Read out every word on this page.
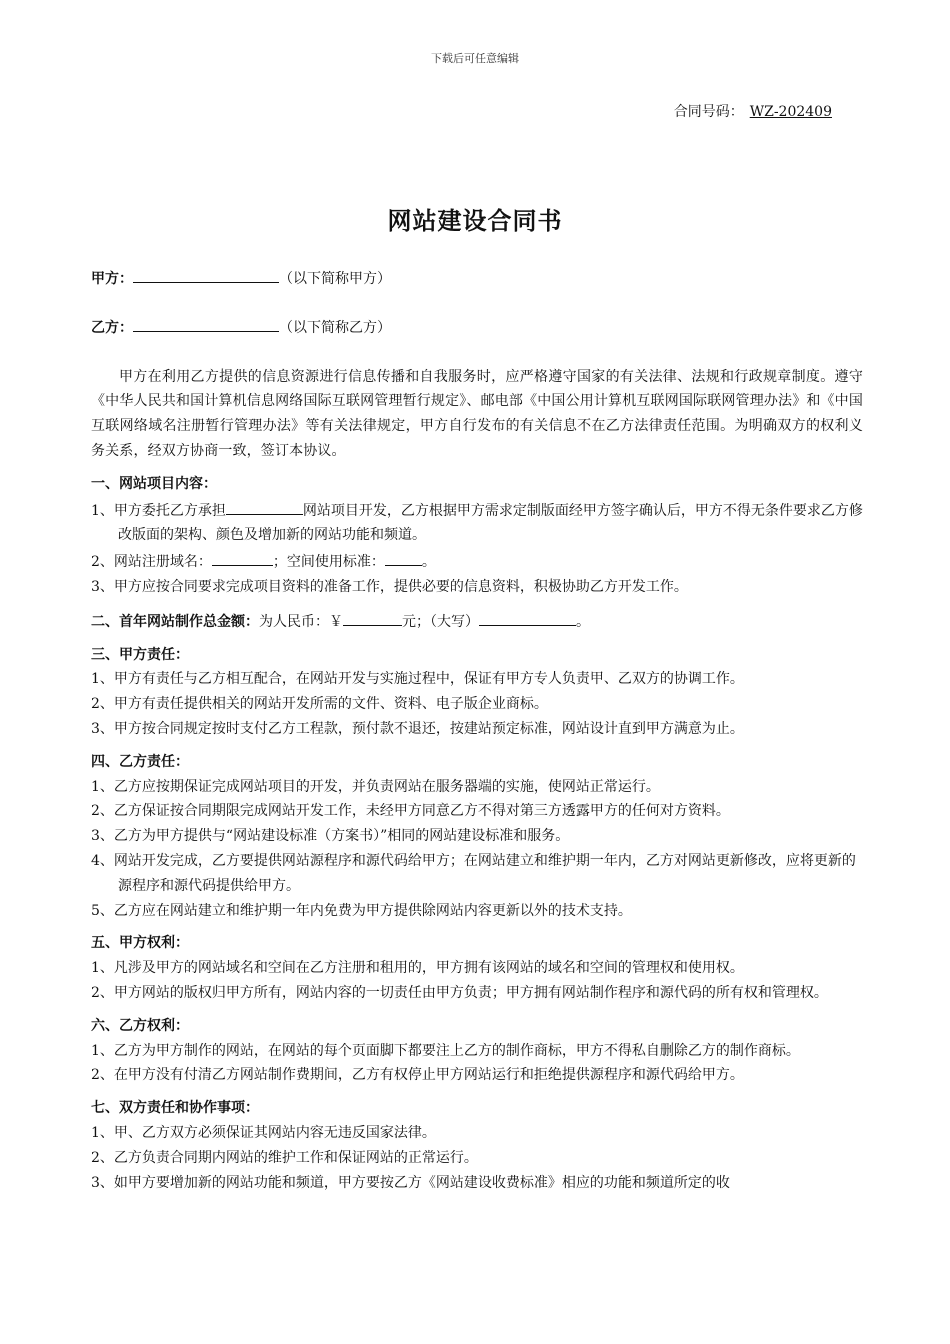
下载后可任意编辑
合同号码： WZ-202409
网站建设合同书

甲方：	（以下简称甲方）

乙方：	（以下简称乙方）

甲方在利用乙方提供的信息资源进行信息传播和自我服务时，应严格遵守国家的有关法律、法规和行政规章制度。遵守《中华人民共和国计算机信息网络国际互联网管理暂行规定》、邮电部《中国公用计算机互联网国际联网管理办法》和《中国互联网络域名注册暂行管理办法》等有关法律规定，甲方自行发布的有关信息不在乙方法律责任范围。为明确双方的权利义务关系，经双方协商一致，签订本协议。

一、网站项目内容：

1、甲方委托乙方承担	网站项目开发，乙方根据甲方需求定制版面经甲方签字确认后，甲方不得无条件要求乙方修改版面的架构、颜色及增加新的网站功能和频道。

2、网站注册域名：	；空间使用标准：	。

3、甲方应按合同要求完成项目资料的准备工作，提供必要的信息资料，积极协助乙方开发工作。

二、首年网站制作总金额：为人民币：￥	元；（大写）	。

三、甲方责任：

1、甲方有责任与乙方相互配合，在网站开发与实施过程中，保证有甲方专人负责甲、乙双方的协调工作。

2、甲方有责任提供相关的网站开发所需的文件、资料、电子版企业商标。

3、甲方按合同规定按时支付乙方工程款，预付款不退还，按建站预定标准，网站设计直到甲方满意为止。

四、乙方责任：

1、乙方应按期保证完成网站项目的开发，并负责网站在服务器端的实施，使网站正常运行。

2、乙方保证按合同期限完成网站开发工作，未经甲方同意乙方不得对第三方透露甲方的任何对方资料。

3、乙方为甲方提供与“网站建设标准（方案书）”相同的网站建设标准和服务。

4、网站开发完成，乙方要提供网站源程序和源代码给甲方；在网站建立和维护期一年内，乙方对网站更新修改，应将更新的源程序和源代码提供给甲方。

5、乙方应在网站建立和维护期一年内免费为甲方提供除网站内容更新以外的技术支持。

五、甲方权利：

1、凡涉及甲方的网站域名和空间在乙方注册和租用的，甲方拥有该网站的域名和空间的管理权和使用权。

2、甲方网站的版权归甲方所有，网站内容的一切责任由甲方负责；甲方拥有网站制作程序和源代码的所有权和管理权。

六、乙方权利：

1、乙方为甲方制作的网站，在网站的每个页面脚下都要注上乙方的制作商标，甲方不得私自删除乙方的制作商标。

2、在甲方没有付清乙方网站制作费期间，乙方有权停止甲方网站运行和拒绝提供源程序和源代码给甲方。

七、双方责任和协作事项：

1、甲、乙方双方必须保证其网站内容无违反国家法律。

2、乙方负责合同期内网站的维护工作和保证网站的正常运行。

3、如甲方要增加新的网站功能和频道，甲方要按乙方《网站建设收费标准》相应的功能和频道所定的收
